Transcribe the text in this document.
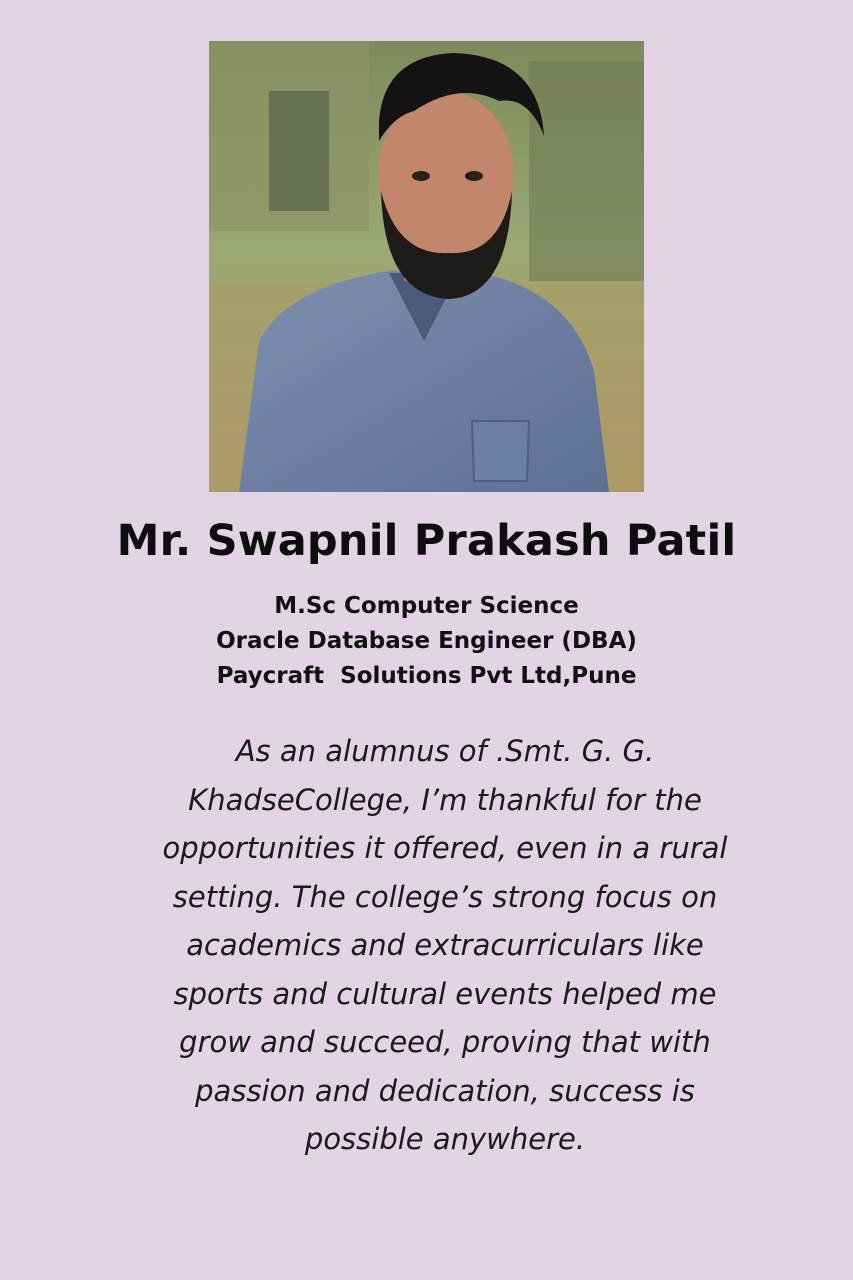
Mr. Swapnil Prakash Patil
M.Sc Computer Science
Oracle Database Engineer (DBA)
Paycraft  Solutions Pvt Ltd,Pune
As an alumnus of .Smt. G. G.
KhadseCollege, I’m thankful for the
opportunities it offered, even in a rural
setting. The college’s strong focus on
academics and extracurriculars like
sports and cultural events helped me
grow and succeed, proving that with
passion and dedication, success is
possible anywhere.
